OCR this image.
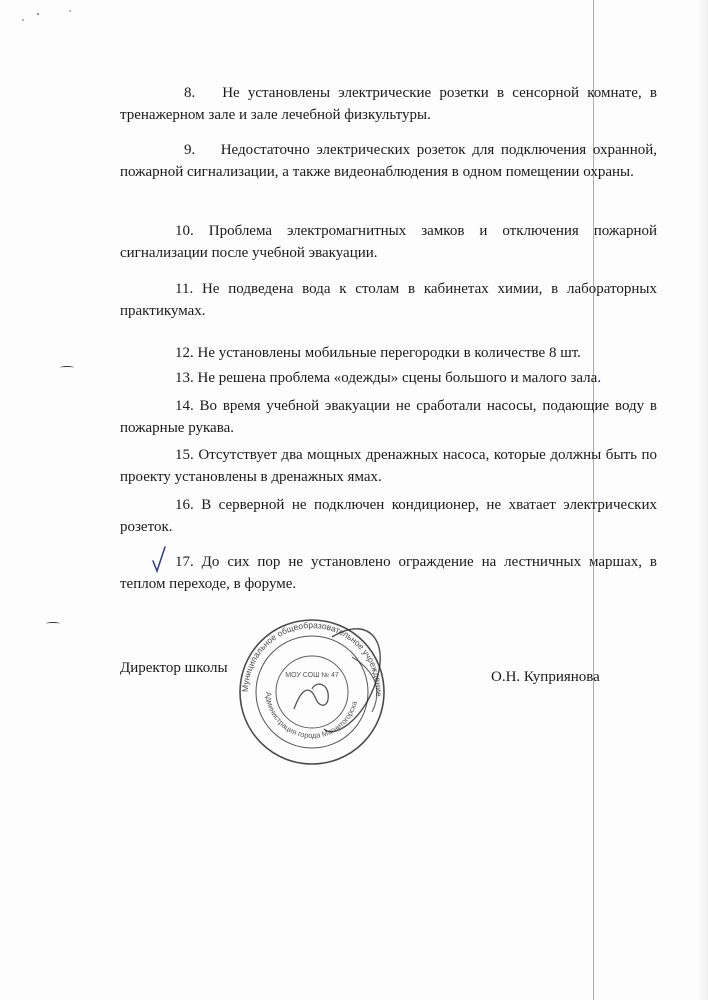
8. Не установлены электрические розетки в сенсорной комнате, в тренажерном зале и зале лечебной физкультуры.
9. Недостаточно электрических розеток для подключения охранной, пожарной сигнализации, а также видеонаблюдения в одном помещении охраны.
10. Проблема электромагнитных замков и отключения пожарной сигнализации после учебной эвакуации.
11. Не подведена вода к столам в кабинетах химии, в лабораторных практикумах.
12. Не установлены мобильные перегородки в количестве 8 шт.
13. Не решена проблема «одежды» сцены большого и малого зала.
14. Во время учебной эвакуации не сработали насосы, подающие воду в пожарные рукава.
15. Отсутствует два мощных дренажных насоса, которые должны быть по проекту установлены в дренажных ямах.
16. В серверной не подключен кондиционер, не хватает электрических розеток.
17. До сих пор не установлено ограждение на лестничных маршах, в теплом переходе, в форуме.
Директор школы
О.Н. Куприянова
Муниципальное общеобразовательное учреждение
Администрация города Магнитогорска
МОУ СОШ № 47
